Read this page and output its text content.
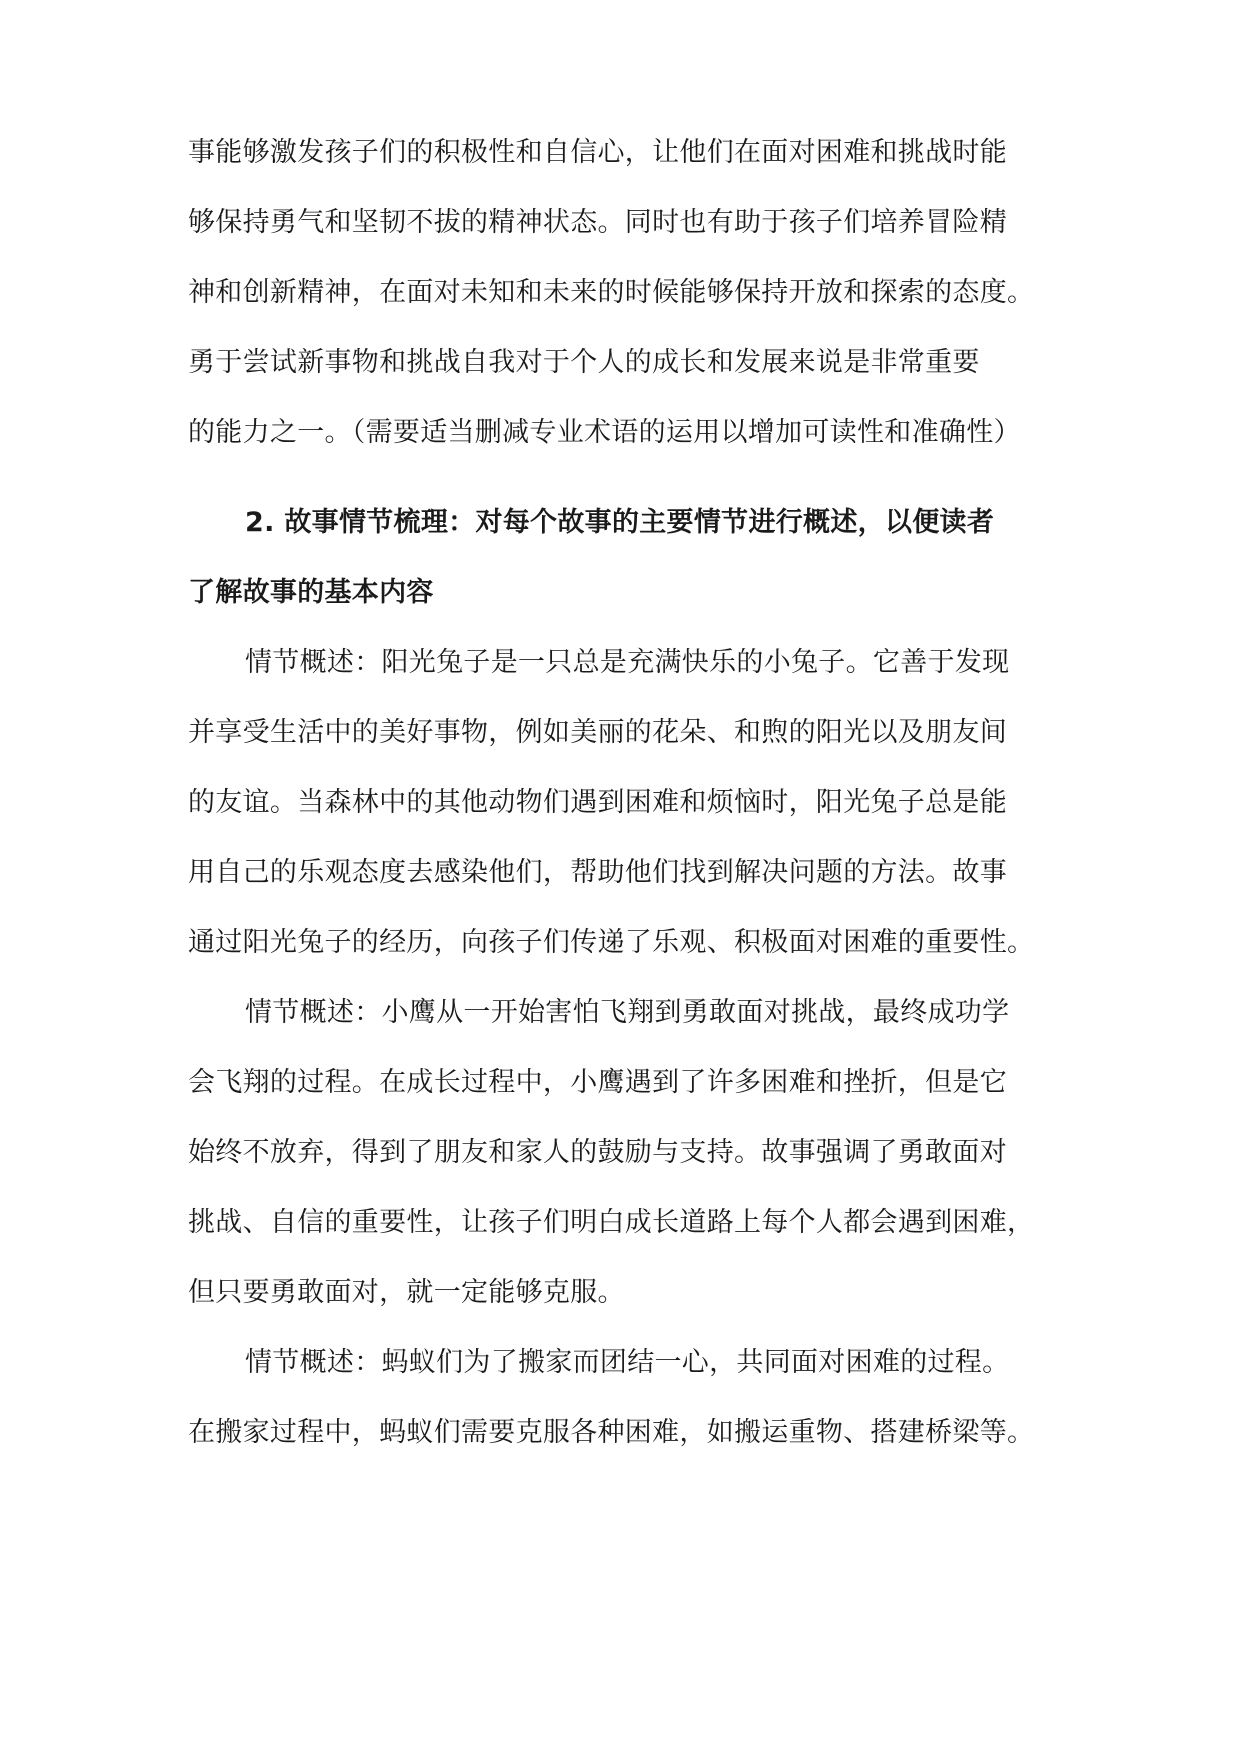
事能够激发孩子们的积极性和自信心，让他们在面对困难和挑战时能
够保持勇气和坚韧不拔的精神状态。同时也有助于孩子们培养冒险精
神和创新精神，在面对未知和未来的时候能够保持开放和探索的态度。
勇于尝试新事物和挑战自我对于个人的成长和发展来说是非常重要
的能力之一。（需要适当删减专业术语的运用以增加可读性和准确性）
2. 故事情节梳理：对每个故事的主要情节进行概述，以便读者
了解故事的基本内容
情节概述：阳光兔子是一只总是充满快乐的小兔子。它善于发现
并享受生活中的美好事物，例如美丽的花朵、和煦的阳光以及朋友间
的友谊。当森林中的其他动物们遇到困难和烦恼时，阳光兔子总是能
用自己的乐观态度去感染他们，帮助他们找到解决问题的方法。故事
通过阳光兔子的经历，向孩子们传递了乐观、积极面对困难的重要性。
情节概述：小鹰从一开始害怕飞翔到勇敢面对挑战，最终成功学
会飞翔的过程。在成长过程中，小鹰遇到了许多困难和挫折，但是它
始终不放弃，得到了朋友和家人的鼓励与支持。故事强调了勇敢面对
挑战、自信的重要性，让孩子们明白成长道路上每个人都会遇到困难，
但只要勇敢面对，就一定能够克服。
情节概述：蚂蚁们为了搬家而团结一心，共同面对困难的过程。
在搬家过程中，蚂蚁们需要克服各种困难，如搬运重物、搭建桥梁等。
